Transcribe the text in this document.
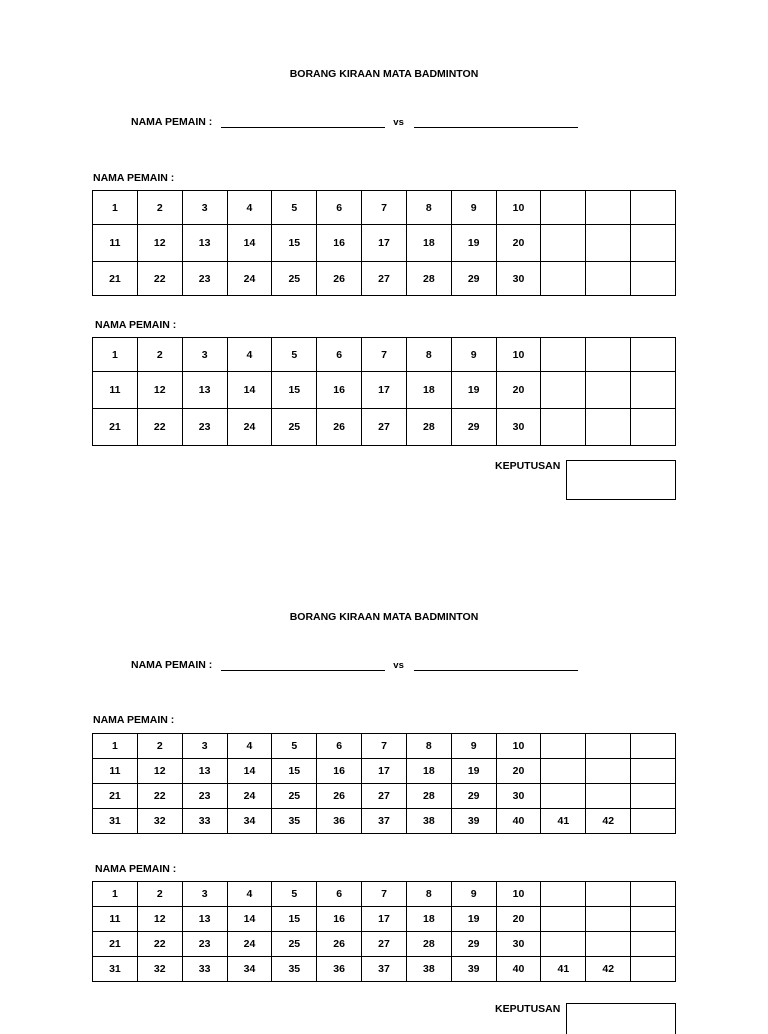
BORANG KIRAAN MATA BADMINTON
NAMA PEMAIN :	vs
NAMA PEMAIN :
1	2	3	4	5	6	7	8	9	10			
11	12	13	14	15	16	17	18	19	20			
21	22	23	24	25	26	27	28	29	30			
NAMA PEMAIN :
1	2	3	4	5	6	7	8	9	10			
11	12	13	14	15	16	17	18	19	20			
21	22	23	24	25	26	27	28	29	30			
KEPUTUSAN
BORANG KIRAAN MATA BADMINTON
NAMA PEMAIN :	vs
NAMA PEMAIN :
1	2	3	4	5	6	7	8	9	10			
11	12	13	14	15	16	17	18	19	20			
21	22	23	24	25	26	27	28	29	30			
31	32	33	34	35	36	37	38	39	40	41	42	
NAMA PEMAIN :
1	2	3	4	5	6	7	8	9	10			
11	12	13	14	15	16	17	18	19	20			
21	22	23	24	25	26	27	28	29	30			
31	32	33	34	35	36	37	38	39	40	41	42	
KEPUTUSAN
